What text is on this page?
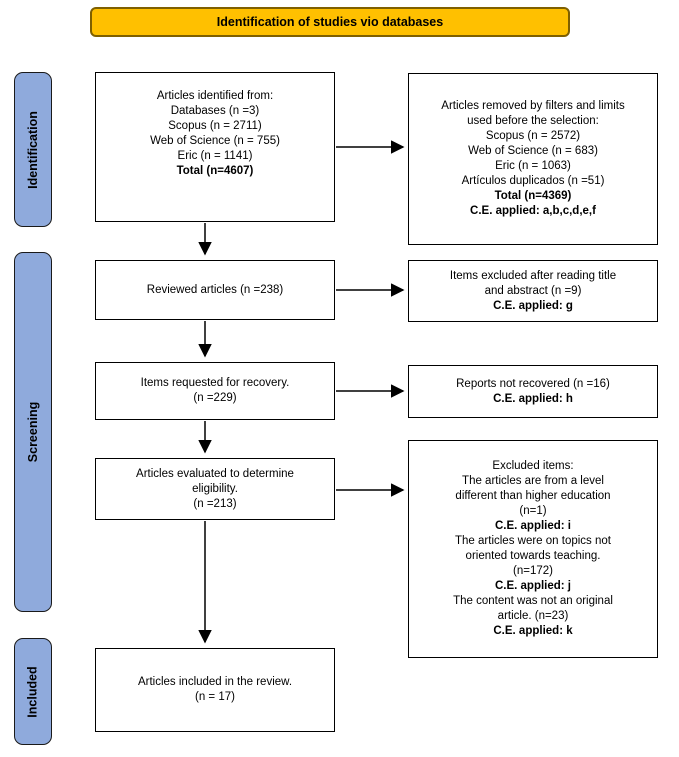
Identification of studies vio databases
Identification
Screening
Included
Articles identified from:
Databases (n =3)
Scopus (n = 2711)
Web of Science (n = 755)
Eric (n = 1141)
Total (n=4607)
Reviewed articles (n =238)
Items requested for recovery.
(n =229)
Articles evaluated to determine
eligibility.
(n =213)
Articles included in the review.
(n = 17)
Articles removed by filters and limits
used before the selection:
Scopus (n = 2572)
Web of Science (n = 683)
Eric (n = 1063)
Artículos duplicados (n =51)
Total (n=4369)
C.E. applied: a,b,c,d,e,f
Items excluded after reading title
and abstract (n =9)
C.E. applied: g
Reports not recovered (n =16)
C.E. applied: h
Excluded items:
The articles are from a level
different than higher education
(n=1)
C.E. applied: i
The articles were on topics not
oriented towards teaching.
(n=172)
C.E. applied: j
The content was not an original
article. (n=23)
C.E. applied: k
